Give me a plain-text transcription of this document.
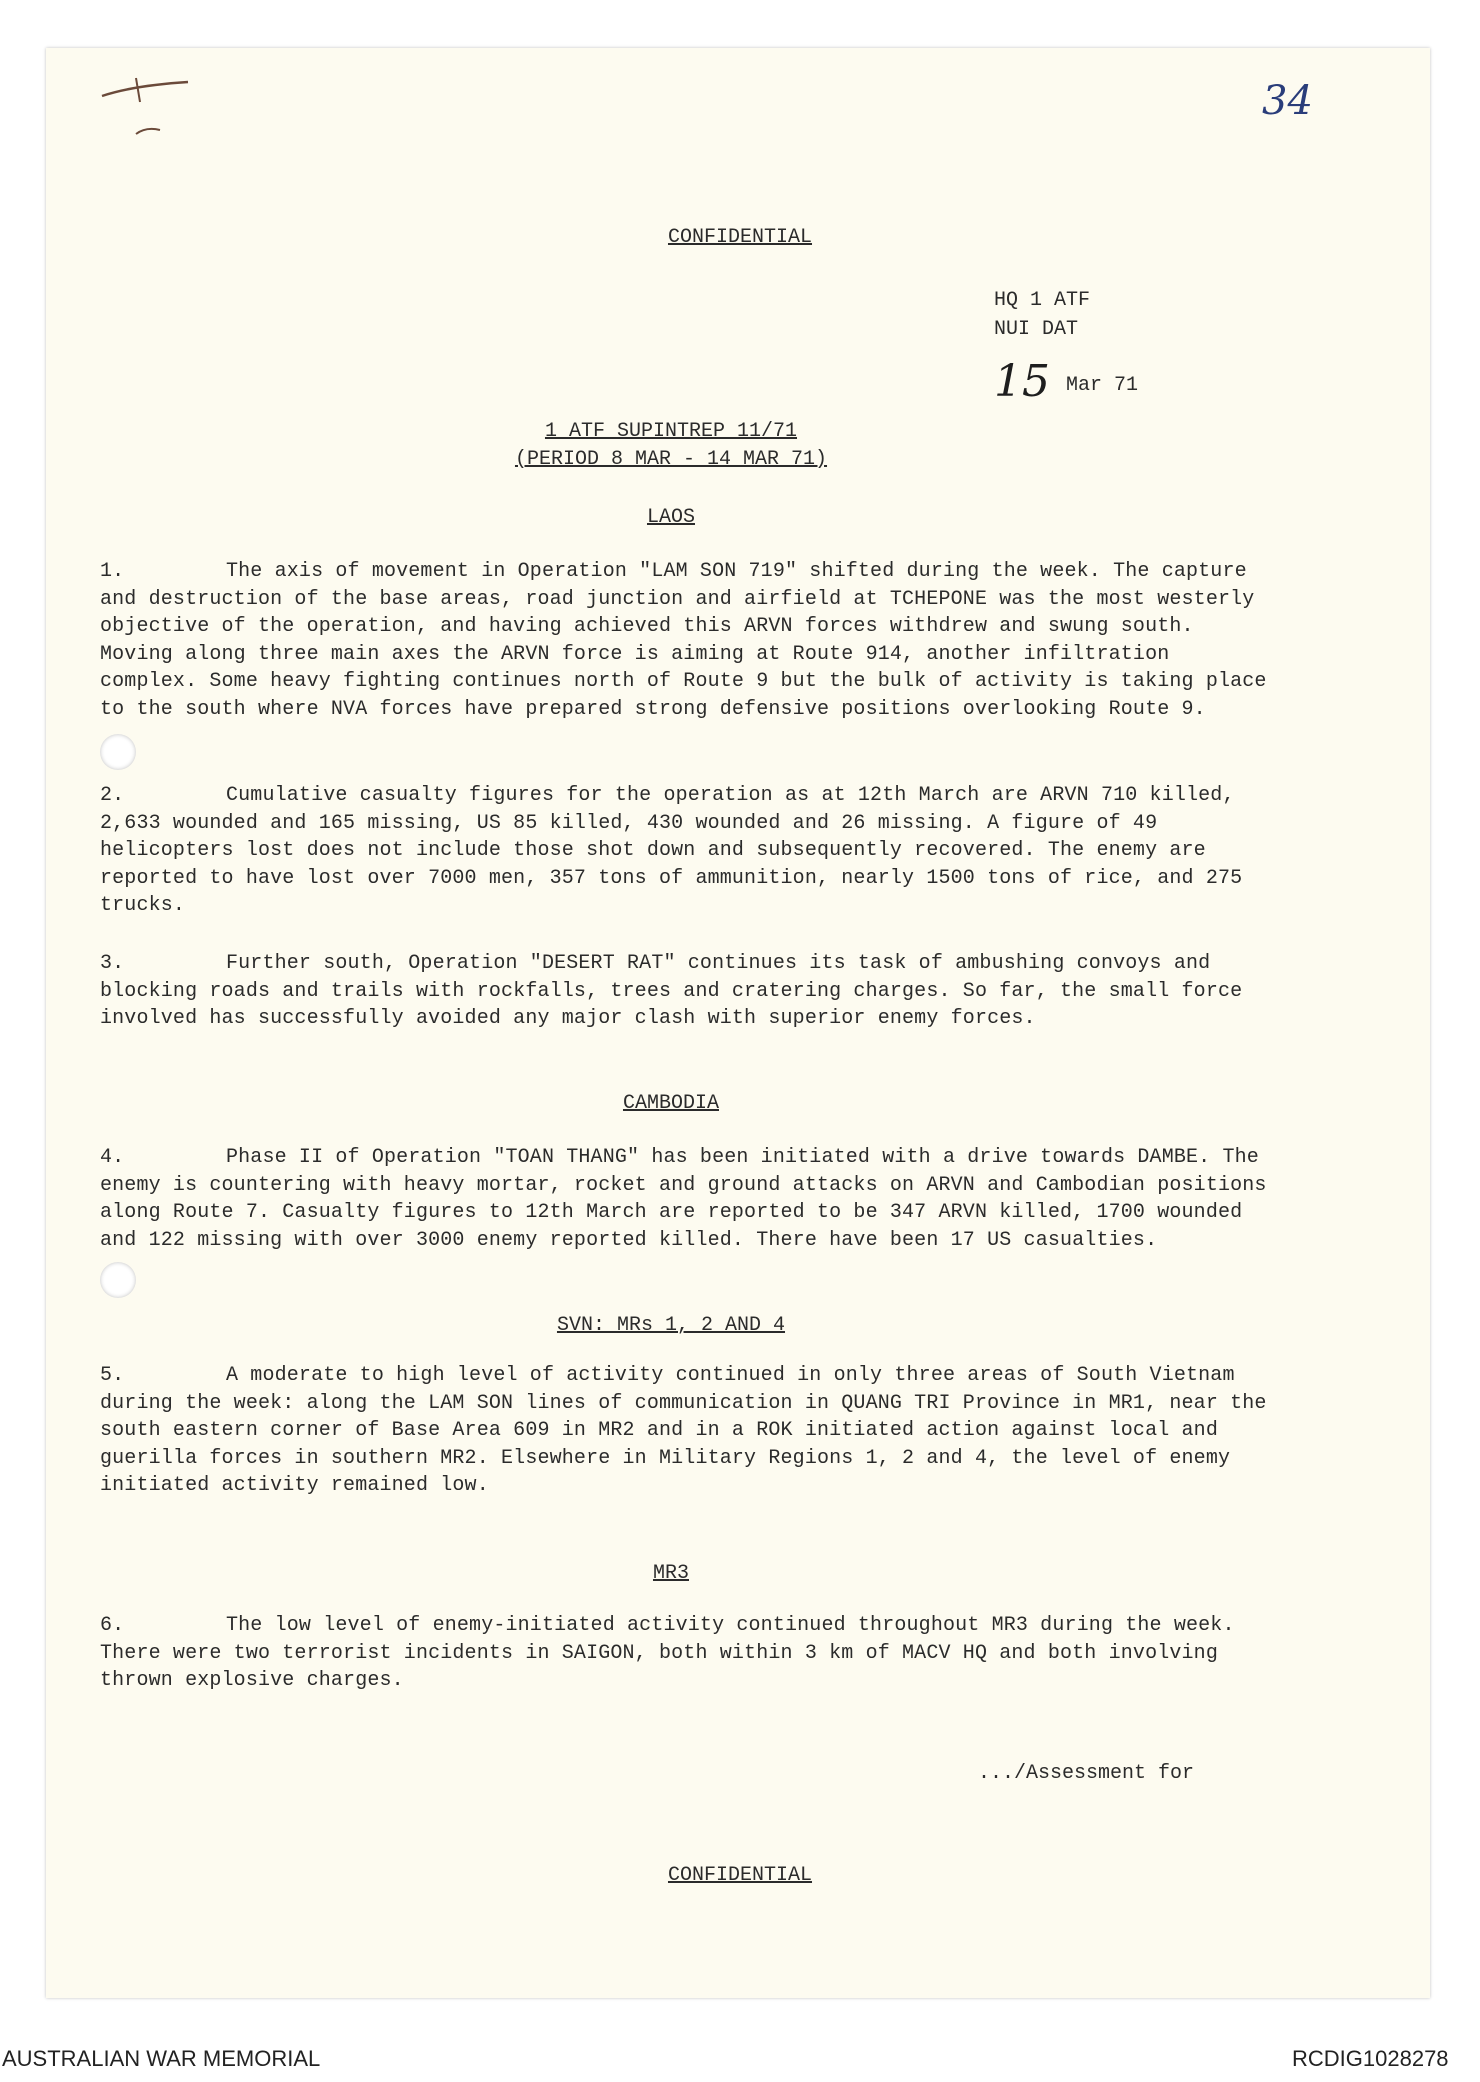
34
CONFIDENTIAL
HQ 1 ATF
NUI DAT
15 Mar 71
1 ATF SUPINTREP 11/71
(PERIOD 8 MAR - 14 MAR 71)
LAOS
1.	The axis of movement in Operation "LAM SON 719" shifted during the week. The capture and destruction of the base areas, road junction and airfield at TCHEPONE was the most westerly objective of the operation, and having achieved this ARVN forces withdrew and swung south. Moving along three main axes the ARVN force is aiming at Route 914, another infiltration complex. Some heavy fighting continues north of Route 9 but the bulk of activity is taking place to the south where NVA forces have prepared strong defensive positions overlooking Route 9.
2.	Cumulative casualty figures for the operation as at 12th March are ARVN 710 killed, 2,633 wounded and 165 missing, US 85 killed, 430 wounded and 26 missing. A figure of 49 helicopters lost does not include those shot down and subsequently recovered. The enemy are reported to have lost over 7000 men, 357 tons of ammunition, nearly 1500 tons of rice, and 275 trucks.
3.	Further south, Operation "DESERT RAT" continues its task of ambushing convoys and blocking roads and trails with rockfalls, trees and cratering charges. So far, the small force involved has successfully avoided any major clash with superior enemy forces.
CAMBODIA
4.	Phase II of Operation "TOAN THANG" has been initiated with a drive towards DAMBE. The enemy is countering with heavy mortar, rocket and ground attacks on ARVN and Cambodian positions along Route 7. Casualty figures to 12th March are reported to be 347 ARVN killed, 1700 wounded and 122 missing with over 3000 enemy reported killed. There have been 17 US casualties.
SVN: MRs 1, 2 AND 4
5.	A moderate to high level of activity continued in only three areas of South Vietnam during the week: along the LAM SON lines of communication in QUANG TRI Province in MR1, near the south eastern corner of Base Area 609 in MR2 and in a ROK initiated action against local and guerilla forces in southern MR2. Elsewhere in Military Regions 1, 2 and 4, the level of enemy initiated activity remained low.
MR3
6.	The low level of enemy-initiated activity continued throughout MR3 during the week. There were two terrorist incidents in SAIGON, both within 3 km of MACV HQ and both involving thrown explosive charges.
.../Assessment for
CONFIDENTIAL
AUSTRALIAN WAR MEMORIAL	RCDIG1028278
